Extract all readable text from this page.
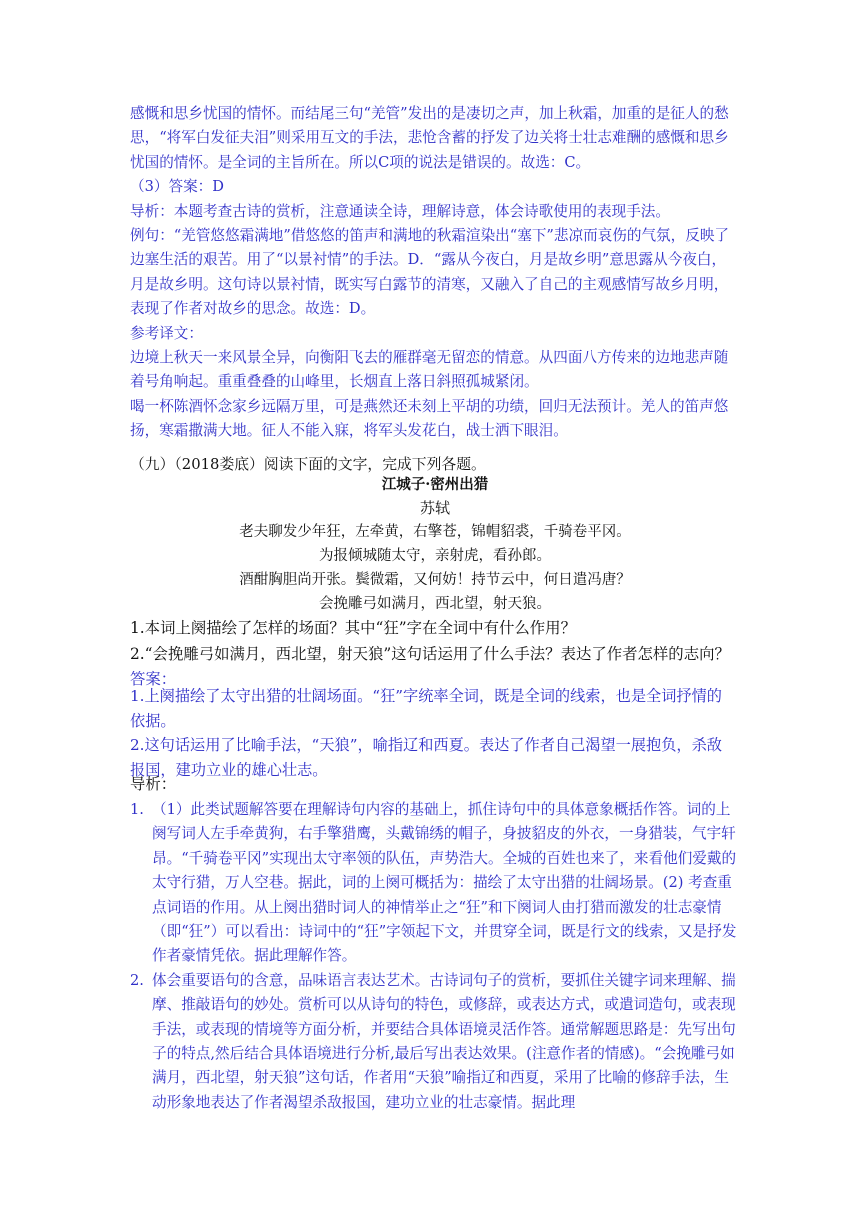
感慨和思乡忧国的情怀。而结尾三句“羌管”发出的是凄切之声，加上秋霜，加重的是征人的愁思，“将军白发征夫泪”则采用互文的手法，悲怆含蓄的抒发了边关将士壮志难酬的感慨和思乡忧国的情怀。是全词的主旨所在。所以C项的说法是错误的。故选：C。

（3）答案：D

导析：本题考查古诗的赏析，注意通读全诗，理解诗意，体会诗歌使用的表现手法。

例句：“羌管悠悠霜满地”借悠悠的笛声和满地的秋霜渲染出“塞下”悲凉而哀伤的气氛，反映了边塞生活的艰苦。用了“以景衬情”的手法。D．“露从今夜白，月是故乡明”意思露从今夜白，月是故乡明。这句诗以景衬情，既实写白露节的清寒，又融入了自己的主观感情写故乡月明，表现了作者对故乡的思念。故选：D。

参考译文：

边境上秋天一来风景全异，向衡阳飞去的雁群毫无留恋的情意。从四面八方传来的边地悲声随着号角响起。重重叠叠的山峰里，长烟直上落日斜照孤城紧闭。

喝一杯陈酒怀念家乡远隔万里，可是燕然还未刻上平胡的功绩，回归无法预计。羌人的笛声悠扬，寒霜撒满大地。征人不能入寐，将军头发花白，战士洒下眼泪。

（九）（2018娄底）阅读下面的文字，完成下列各题。

江城子·密州出猎
苏轼
老夫聊发少年狂，左牵黄，右擎苍，锦帽貂裘，千骑卷平冈。
为报倾城随太守，亲射虎，看孙郎。
酒酣胸胆尚开张。鬓微霜，又何妨！持节云中，何日遣冯唐？
会挽雕弓如满月，西北望，射天狼。

1.本词上阕描绘了怎样的场面？其中“狂”字在全词中有什么作用？

2.“会挽雕弓如满月，西北望，射天狼”这句话运用了什么手法？表达了作者怎样的志向？

答案：

1.上阕描绘了太守出猎的壮阔场面。“狂”字统率全词，既是全词的线索，也是全词抒情的依据。

2.这句话运用了比喻手法，“天狼”，喻指辽和西夏。表达了作者自己渴望一展抱负，杀敌报国，建功立业的雄心壮志。

导析：

1. （1）此类试题解答要在理解诗句内容的基础上，抓住诗句中的具体意象概括作答。词的上阕写词人左手牵黄狗，右手擎猎鹰，头戴锦绣的帽子，身披貂皮的外衣，一身猎装，气宇轩昂。“千骑卷平冈”实现出太守率领的队伍，声势浩大。全城的百姓也来了，来看他们爱戴的太守行猎，万人空巷。据此，词的上阕可概括为：描绘了太守出猎的壮阔场景。(2) 考查重点词语的作用。从上阕出猎时词人的神情举止之“狂”和下阕词人由打猎而激发的壮志豪情（即“狂”）可以看出：诗词中的“狂”字领起下文，并贯穿全词，既是行文的线索，又是抒发作者豪情凭依。据此理解作答。
2. 体会重要语句的含意，品味语言表达艺术。古诗词句子的赏析，要抓住关键字词来理解、揣摩、推敲语句的妙处。赏析可以从诗句的特色，或修辞，或表达方式，或遣词造句，或表现手法，或表现的情境等方面分析，并要结合具体语境灵活作答。通常解题思路是：先写出句子的特点,然后结合具体语境进行分析,最后写出表达效果。(注意作者的情感)。“会挽雕弓如满月，西北望，射天狼”这句话，作者用“天狼”喻指辽和西夏，采用了比喻的修辞手法，生动形象地表达了作者渴望杀敌报国，建功立业的壮志豪情。据此理
